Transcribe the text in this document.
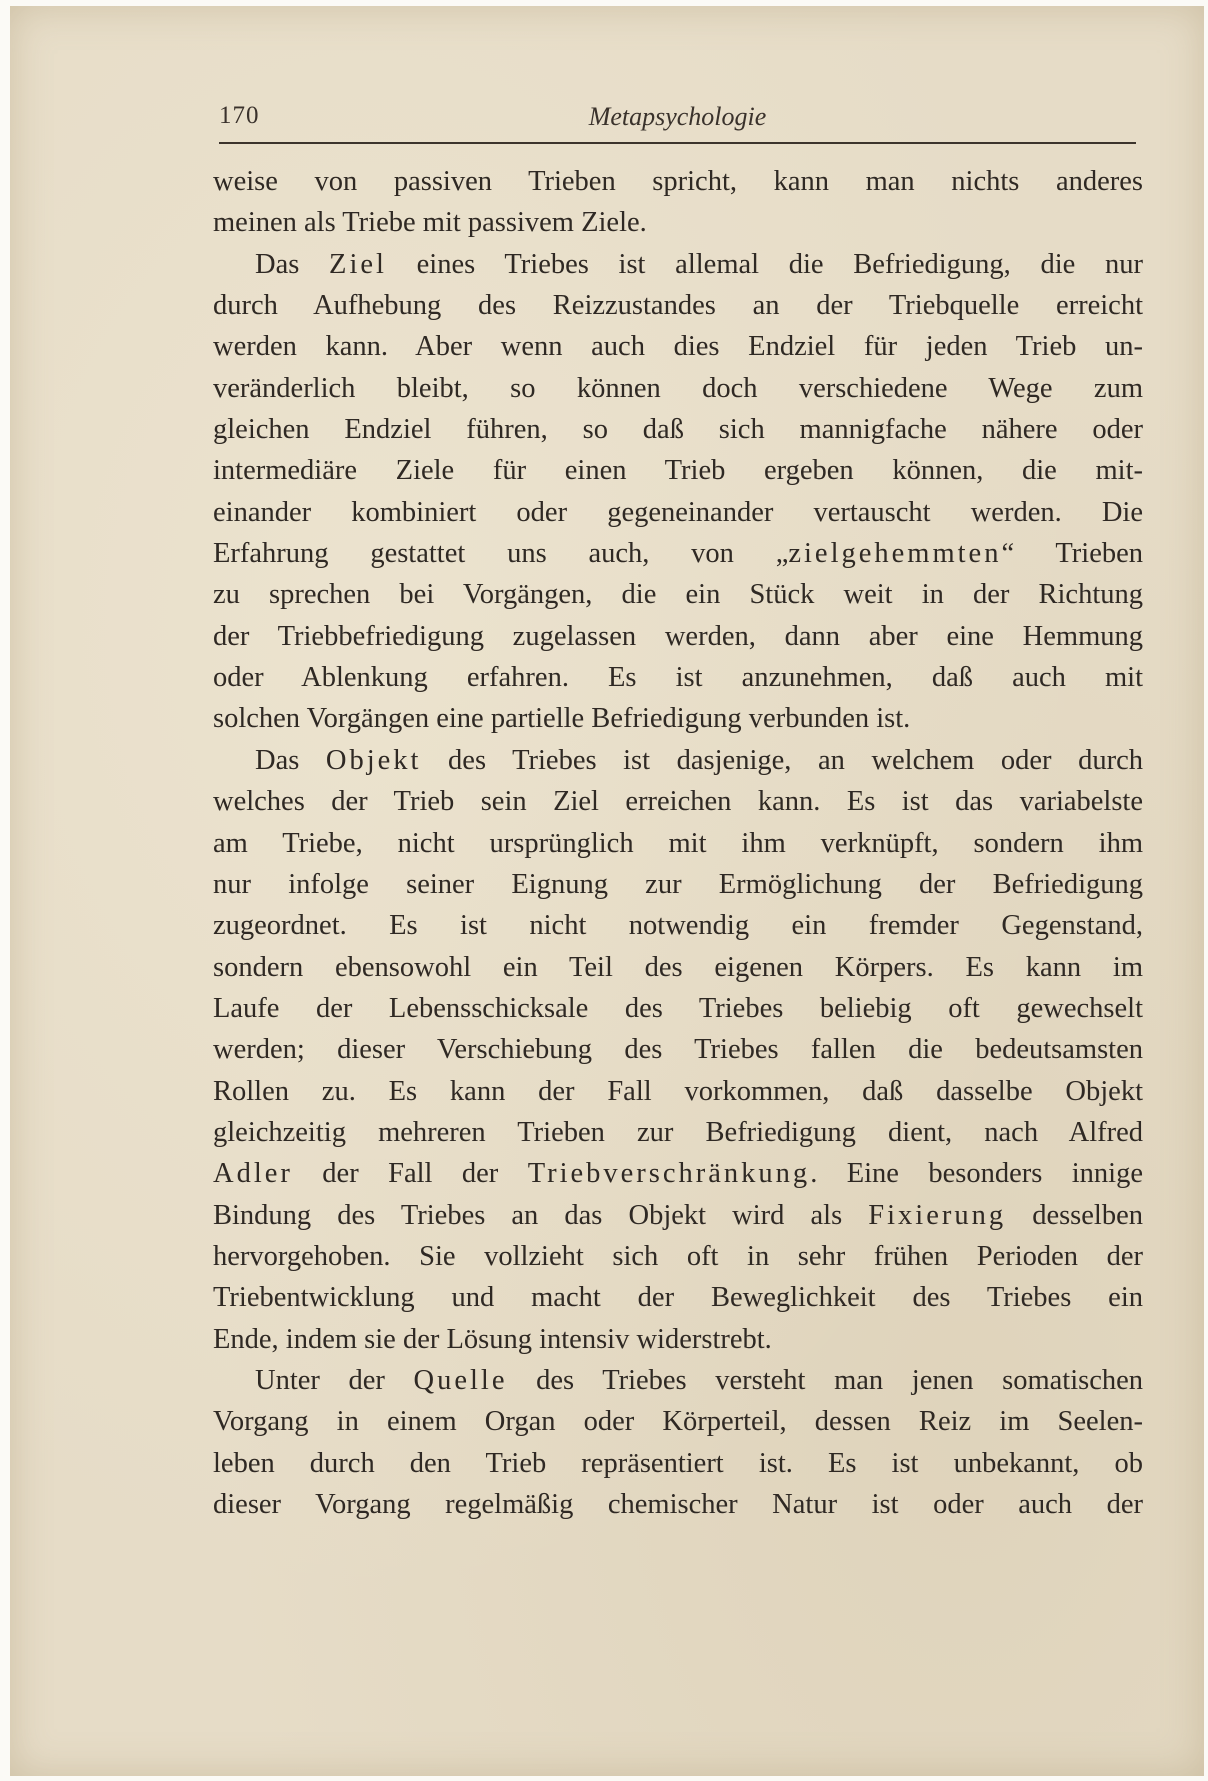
170	Metapsychologie
weise von passiven Trieben spricht, kann man nichts anderes
meinen als Triebe mit passivem Ziele.
Das Ziel eines Triebes ist allemal die Befriedigung, die nur
durch Aufhebung des Reizzustandes an der Triebquelle erreicht
werden kann. Aber wenn auch dies Endziel für jeden Trieb un-
veränderlich bleibt, so können doch verschiedene Wege zum
gleichen Endziel führen, so daß sich mannigfache nähere oder
intermediäre Ziele für einen Trieb ergeben können, die mit-
einander kombiniert oder gegeneinander vertauscht werden. Die
Erfahrung gestattet uns auch, von „zielgehemmten“ Trieben
zu sprechen bei Vorgängen, die ein Stück weit in der Richtung
der Triebbefriedigung zugelassen werden, dann aber eine Hemmung
oder Ablenkung erfahren. Es ist anzunehmen, daß auch mit
solchen Vorgängen eine partielle Befriedigung verbunden ist.
Das Objekt des Triebes ist dasjenige, an welchem oder durch
welches der Trieb sein Ziel erreichen kann. Es ist das variabelste
am Triebe, nicht ursprünglich mit ihm verknüpft, sondern ihm
nur infolge seiner Eignung zur Ermöglichung der Befriedigung
zugeordnet. Es ist nicht notwendig ein fremder Gegenstand,
sondern ebensowohl ein Teil des eigenen Körpers. Es kann im
Laufe der Lebensschicksale des Triebes beliebig oft gewechselt
werden; dieser Verschiebung des Triebes fallen die bedeutsamsten
Rollen zu. Es kann der Fall vorkommen, daß dasselbe Objekt
gleichzeitig mehreren Trieben zur Befriedigung dient, nach Alfred
Adler der Fall der Triebverschränkung. Eine besonders innige
Bindung des Triebes an das Objekt wird als Fixierung desselben
hervorgehoben. Sie vollzieht sich oft in sehr frühen Perioden der
Triebentwicklung und macht der Beweglichkeit des Triebes ein
Ende, indem sie der Lösung intensiv widerstrebt.
Unter der Quelle des Triebes versteht man jenen somatischen
Vorgang in einem Organ oder Körperteil, dessen Reiz im Seelen-
leben durch den Trieb repräsentiert ist. Es ist unbekannt, ob
dieser Vorgang regelmäßig chemischer Natur ist oder auch der
